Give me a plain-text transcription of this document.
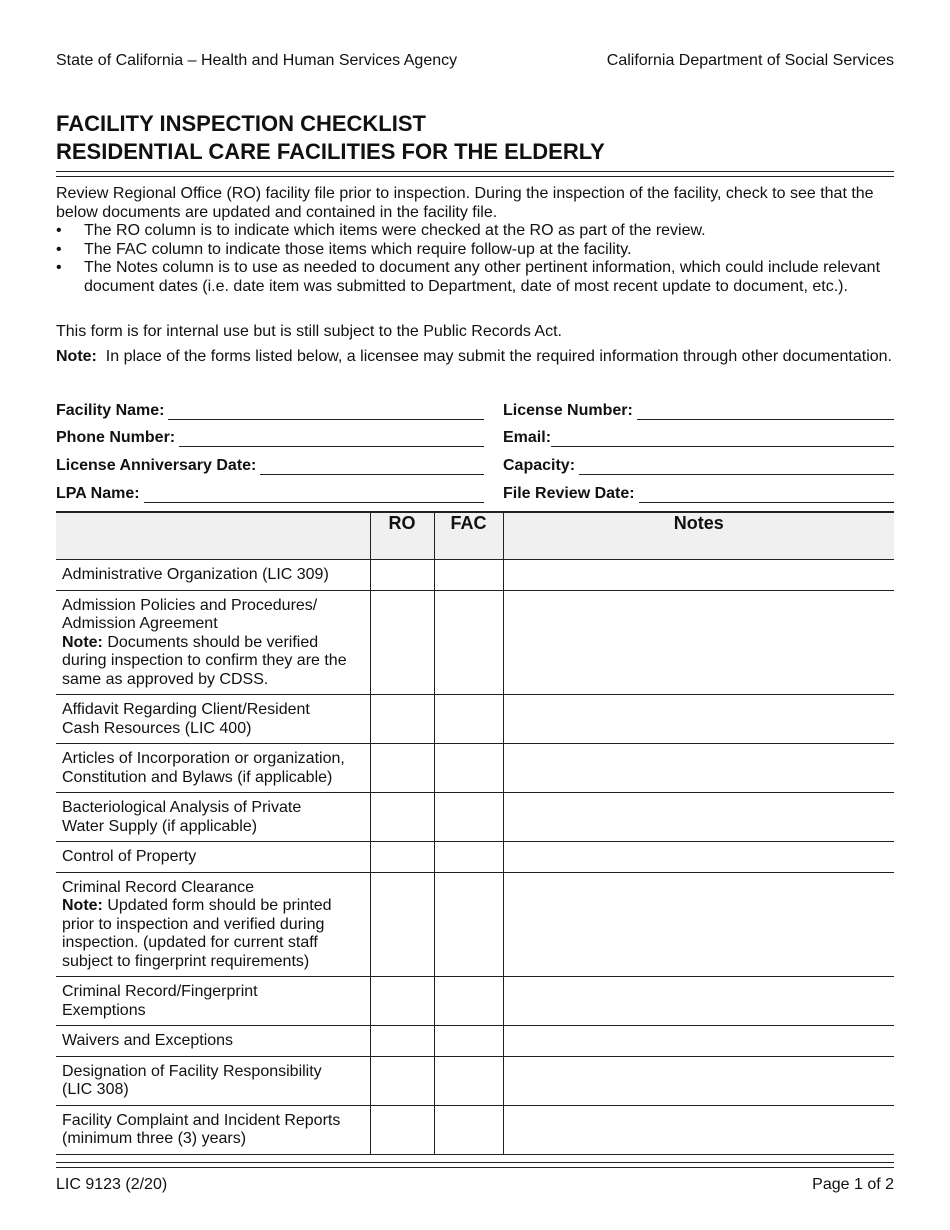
State of California – Health and Human Services Agency	California Department of Social Services
FACILITY INSPECTION CHECKLIST
RESIDENTIAL CARE FACILITIES FOR THE ELDERLY

Review Regional Office (RO) facility file prior to inspection. During the inspection of the facility, check to see that the below documents are updated and contained in the facility file.

• The RO column is to indicate which items were checked at the RO as part of the review.
• The FAC column to indicate those items which require follow-up at the facility.
• The Notes column is to use as needed to document any other pertinent information, which could include relevant document dates (i.e. date item was submitted to Department, date of most recent update to document, etc.).
This form is for internal use but is still subject to the Public Records Act.
Note: In place of the forms listed below, a licensee may submit the required information through other documentation.
Facility Name:	License Number:
Phone Number:	Email:
License Anniversary Date:	Capacity:
LPA Name:	File Review Date:
	RO	FAC	Notes

Administrative Organization (LIC 309)			

Admission Policies and Procedures/
Admission Agreement
Note: Documents should be verified during inspection to confirm they are the same as approved by CDSS.			

Affidavit Regarding Client/Resident
Cash Resources (LIC 400)			

Articles of Incorporation or organization,
Constitution and Bylaws (if applicable)			

Bacteriological Analysis of Private
Water Supply (if applicable)			

Control of Property			

Criminal Record Clearance
Note: Updated form should be printed prior to inspection and verified during inspection. (updated for current staff subject to fingerprint requirements)			

Criminal Record/Fingerprint
Exemptions			

Waivers and Exceptions			

Designation of Facility Responsibility
(LIC 308)			

Facility Complaint and Incident Reports
(minimum three (3) years)			

LIC 9123 (2/20)	Page 1 of 2
